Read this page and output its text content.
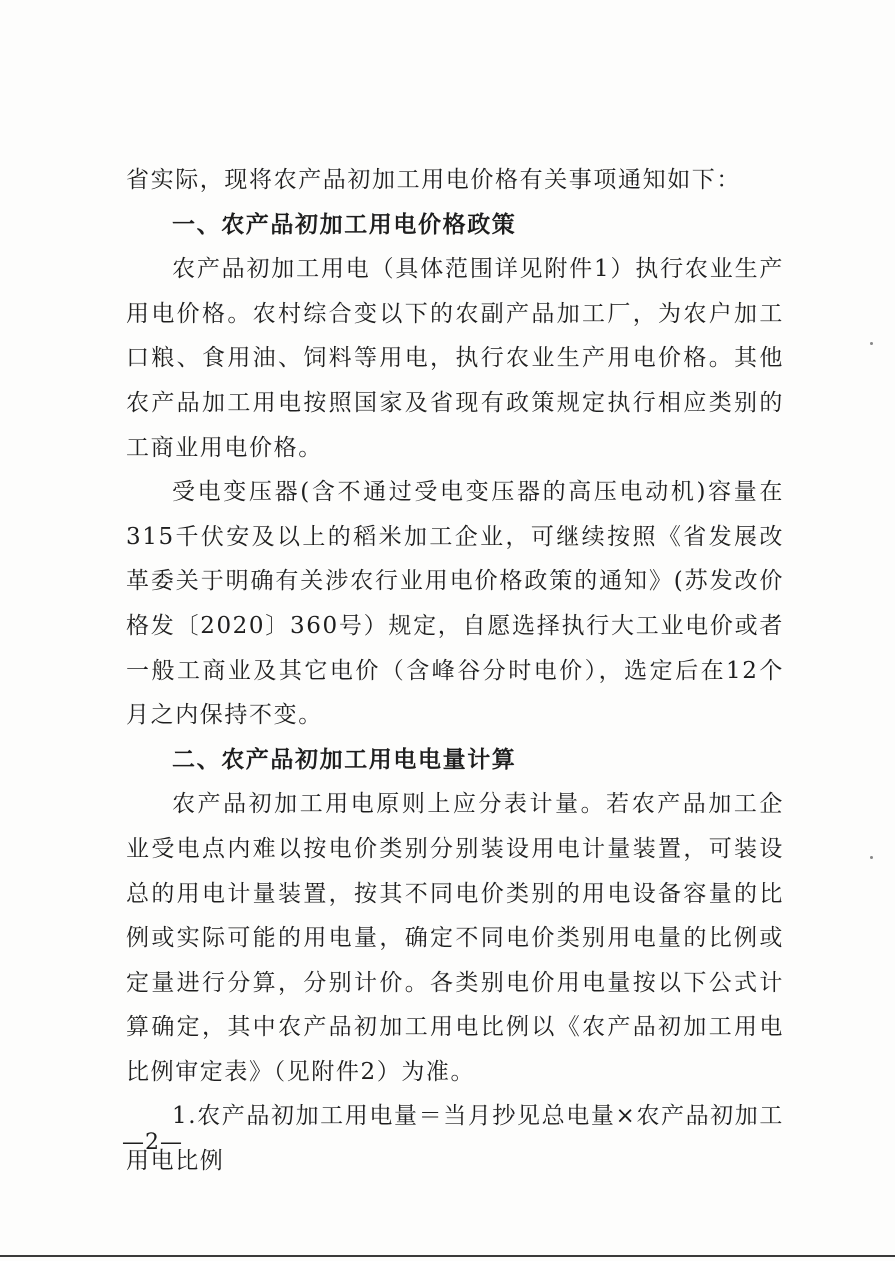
省实际，现将农产品初加工用电价格有关事项通知如下：

一、农产品初加工用电价格政策

农产品初加工用电（具体范围详见附件1）执行农业生产用电价格。农村综合变以下的农副产品加工厂，为农户加工口粮、食用油、饲料等用电，执行农业生产用电价格。其他农产品加工用电按照国家及省现有政策规定执行相应类别的工商业用电价格。

受电变压器(含不通过受电变压器的高压电动机)容量在315千伏安及以上的稻米加工企业，可继续按照《省发展改革委关于明确有关涉农行业用电价格政策的通知》(苏发改价格发〔2020〕360号）规定，自愿选择执行大工业电价或者一般工商业及其它电价（含峰谷分时电价），选定后在12个月之内保持不变。

二、农产品初加工用电电量计算

农产品初加工用电原则上应分表计量。若农产品加工企业受电点内难以按电价类别分别装设用电计量装置，可装设总的用电计量装置，按其不同电价类别的用电设备容量的比例或实际可能的用电量，确定不同电价类别用电量的比例或定量进行分算，分别计价。各类别电价用电量按以下公式计算确定，其中农产品初加工用电比例以《农产品初加工用电比例审定表》（见附件2）为准。

1.农产品初加工用电量＝当月抄见总电量×农产品初加工用电比例

—2—
